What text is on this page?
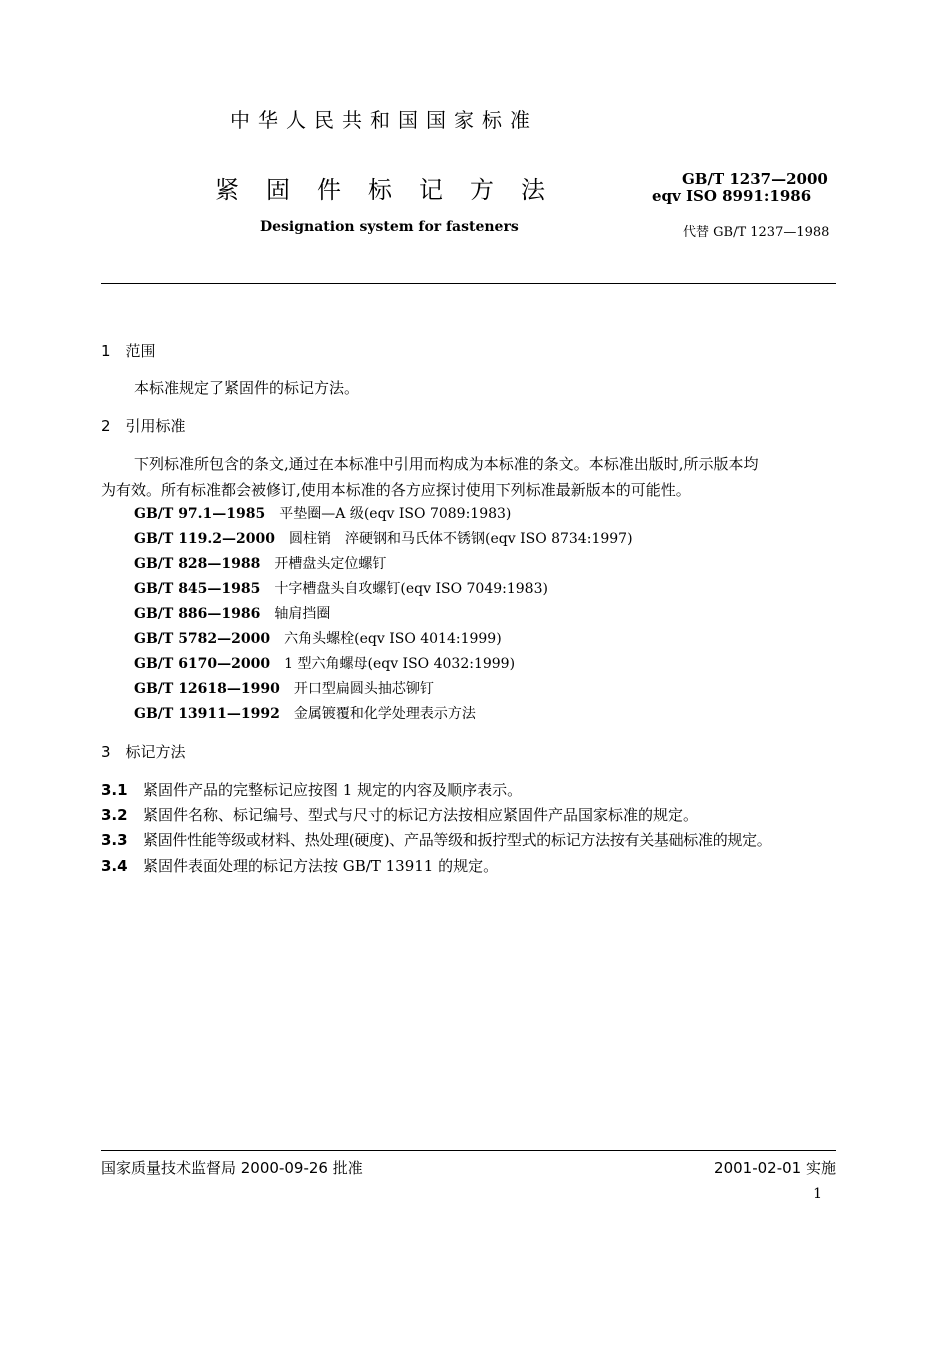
中华人民共和国国家标准
紧固件标记方法
Designation system for fasteners
GB/T 1237—2000
eqv ISO 8991:1986
代替 GB/T 1237—1988
1　范围
本标准规定了紧固件的标记方法。
2　引用标准
下列标准所包含的条文,通过在本标准中引用而构成为本标准的条文。本标准出版时,所示版本均
为有效。所有标准都会被修订,使用本标准的各方应探讨使用下列标准最新版本的可能性。
GB/T 97.1—1985　 平垫圈—A 级(eqv ISO 7089:1983)
GB/T 119.2—2000　 圆柱销　淬硬钢和马氏体不锈钢(eqv ISO 8734:1997)
GB/T 828—1988　 开槽盘头定位螺钉
GB/T 845—1985　 十字槽盘头自攻螺钉(eqv ISO 7049:1983)
GB/T 886—1986　 轴肩挡圈
GB/T 5782—2000　 六角头螺栓(eqv ISO 4014:1999)
GB/T 6170—2000　 1 型六角螺母(eqv ISO 4032:1999)
GB/T 12618—1990　 开口型扁圆头抽芯铆钉
GB/T 13911—1992　 金属镀覆和化学处理表示方法
3　标记方法
3.1 紧固件产品的完整标记应按图 1 规定的内容及顺序表示。
3.2 紧固件名称、标记编号、型式与尺寸的标记方法按相应紧固件产品国家标准的规定。
3.3 紧固件性能等级或材料、热处理(硬度)、产品等级和扳拧型式的标记方法按有关基础标准的规定。
3.4 紧固件表面处理的标记方法按 GB/T 13911 的规定。
国家质量技术监督局 2000-09-26 批准	2001-02-01 实施
1
